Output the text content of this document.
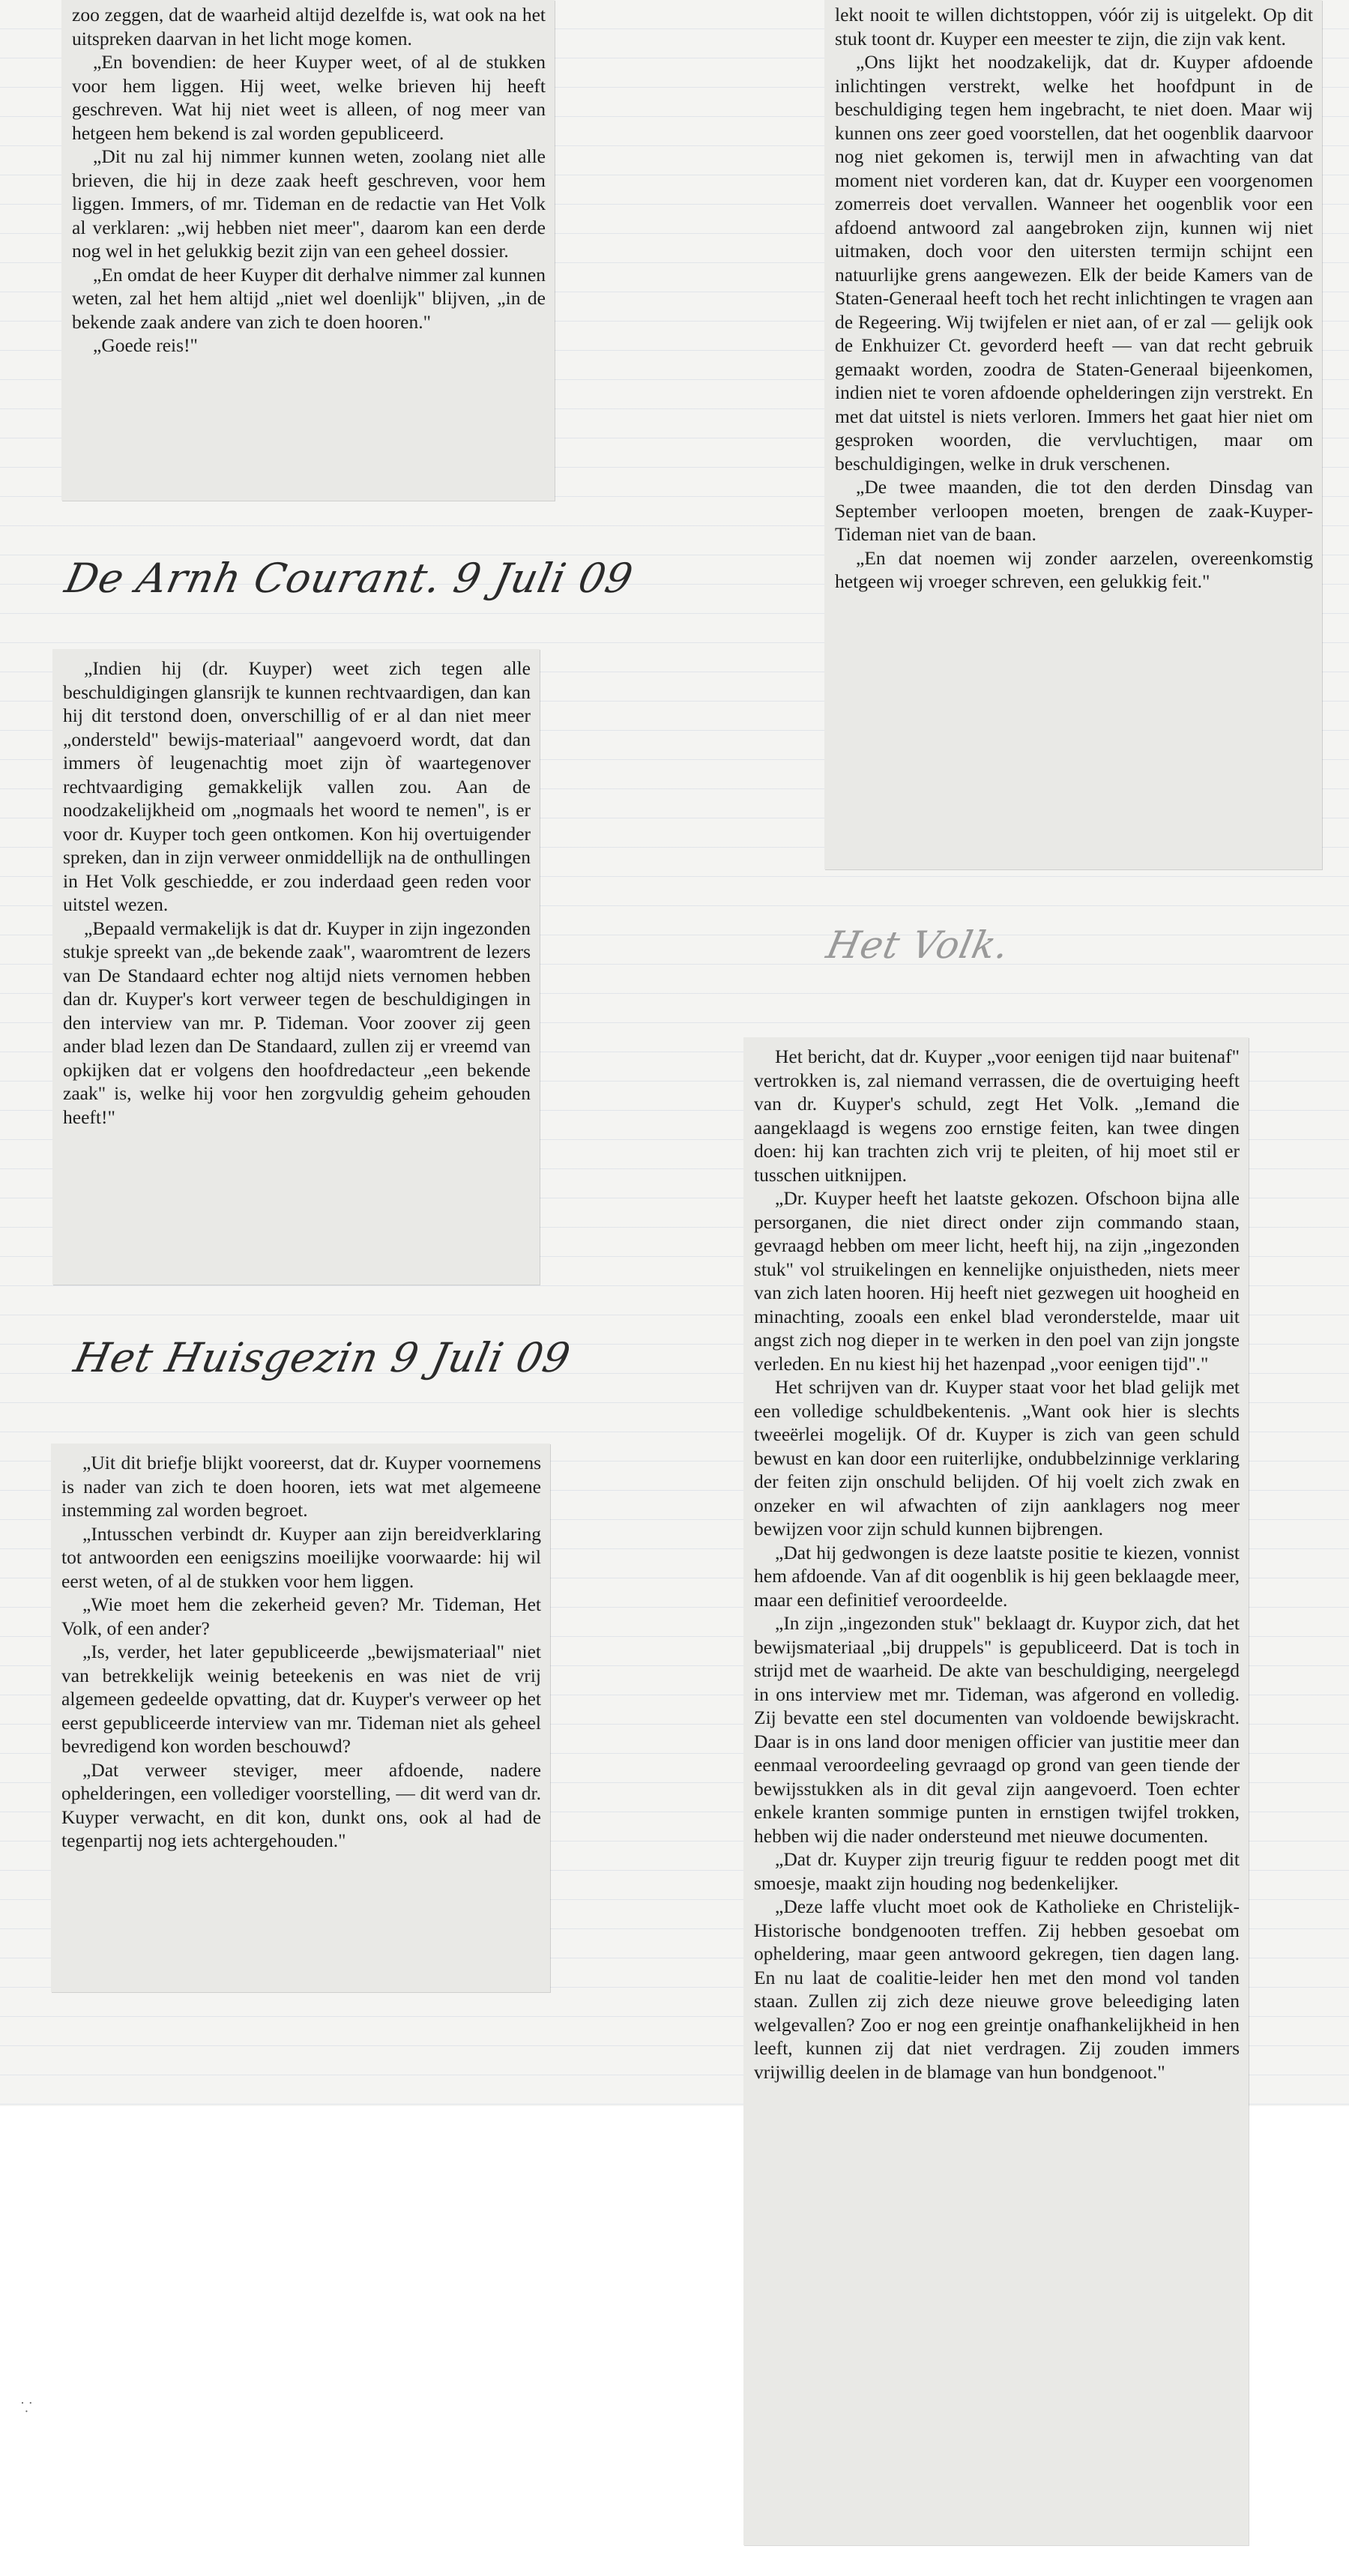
zoo zeggen, dat de waarheid altijd dezelfde is, wat ook na het uitspreken daarvan in het licht moge komen.

„En bovendien: de heer Kuyper weet, of al de stukken voor hem liggen. Hij weet, welke brieven hij heeft geschreven. Wat hij niet weet is alleen, of nog meer van hetgeen hem bekend is zal worden gepubliceerd.

„Dit nu zal hij nimmer kunnen weten, zoolang niet alle brieven, die hij in deze zaak heeft geschreven, voor hem liggen. Immers, of mr. Tideman en de redactie van Het Volk al verklaren: „wij hebben niet meer", daarom kan een derde nog wel in het gelukkig bezit zijn van een geheel dossier.

„En omdat de heer Kuyper dit derhalve nimmer zal kunnen weten, zal het hem altijd „niet wel doenlijk" blijven, „in de bekende zaak andere van zich te doen hooren."

„Goede reis!"

De Arnh Courant. 9 Juli 09

„Indien hij (dr. Kuyper) weet zich tegen alle beschuldigingen glansrijk te kunnen rechtvaardigen, dan kan hij dit terstond doen, onverschillig of er al dan niet meer „ondersteld" bewijs-materiaal" aangevoerd wordt, dat dan immers òf leugenachtig moet zijn òf waartegenover rechtvaardiging gemakkelijk vallen zou. Aan de noodzakelijkheid om „nogmaals het woord te nemen", is er voor dr. Kuyper toch geen ontkomen. Kon hij overtuigender spreken, dan in zijn verweer onmiddellijk na de onthullingen in Het Volk geschiedde, er zou inderdaad geen reden voor uitstel wezen.

„Bepaald vermakelijk is dat dr. Kuyper in zijn ingezonden stukje spreekt van „de bekende zaak", waaromtrent de lezers van De Standaard echter nog altijd niets vernomen hebben dan dr. Kuyper's kort verweer tegen de beschuldigingen in den interview van mr. P. Tideman. Voor zoover zij geen ander blad lezen dan De Standaard, zullen zij er vreemd van opkijken dat er volgens den hoofdredacteur „een bekende zaak" is, welke hij voor hen zorgvuldig geheim gehouden heeft!"

Het Huisgezin 9 Juli 09

„Uit dit briefje blijkt vooreerst, dat dr. Kuyper voornemens is nader van zich te doen hooren, iets wat met algemeene instemming zal worden begroet.

„Intusschen verbindt dr. Kuyper aan zijn bereidverklaring tot antwoorden een eenigszins moeilijke voorwaarde: hij wil eerst weten, of al de stukken voor hem liggen.

„Wie moet hem die zekerheid geven? Mr. Tideman, Het Volk, of een ander?

„Is, verder, het later gepubliceerde „bewijsmateriaal" niet van betrekkelijk weinig beteekenis en was niet de vrij algemeen gedeelde opvatting, dat dr. Kuyper's verweer op het eerst gepubliceerde interview van mr. Tideman niet als geheel bevredigend kon worden beschouwd?

„Dat verweer steviger, meer afdoende, nadere ophelderingen, een vollediger voorstelling, — dit werd van dr. Kuyper verwacht, en dit kon, dunkt ons, ook al had de tegenpartij nog iets achtergehouden."

lekt nooit te willen dichtstoppen, vóór zij is uitgelekt. Op dit stuk toont dr. Kuyper een meester te zijn, die zijn vak kent.

„Ons lijkt het noodzakelijk, dat dr. Kuyper afdoende inlichtingen verstrekt, welke het hoofdpunt in de beschuldiging tegen hem ingebracht, te niet doen. Maar wij kunnen ons zeer goed voorstellen, dat het oogenblik daarvoor nog niet gekomen is, terwijl men in afwachting van dat moment niet vorderen kan, dat dr. Kuyper een voorgenomen zomerreis doet vervallen. Wanneer het oogenblik voor een afdoend antwoord zal aangebroken zijn, kunnen wij niet uitmaken, doch voor den uitersten termijn schijnt een natuurlijke grens aangewezen. Elk der beide Kamers van de Staten-Generaal heeft toch het recht inlichtingen te vragen aan de Regeering. Wij twijfelen er niet aan, of er zal — gelijk ook de Enkhuizer Ct. gevorderd heeft — van dat recht gebruik gemaakt worden, zoodra de Staten-Generaal bijeenkomen, indien niet te voren afdoende ophelderingen zijn verstrekt. En met dat uitstel is niets verloren. Immers het gaat hier niet om gesproken woorden, die vervluchtigen, maar om beschuldigingen, welke in druk verschenen.

„De twee maanden, die tot den derden Dinsdag van September verloopen moeten, brengen de zaak-Kuyper-Tideman niet van de baan.

„En dat noemen wij zonder aarzelen, overeenkomstig hetgeen wij vroeger schreven, een gelukkig feit."

Het Volk.

Het bericht, dat dr. Kuyper „voor eenigen tijd naar buitenaf" vertrokken is, zal niemand verrassen, die de overtuiging heeft van dr. Kuyper's schuld, zegt Het Volk. „Iemand die aangeklaagd is wegens zoo ernstige feiten, kan twee dingen doen: hij kan trachten zich vrij te pleiten, of hij moet stil er tusschen uitknijpen.

„Dr. Kuyper heeft het laatste gekozen. Ofschoon bijna alle persorganen, die niet direct onder zijn commando staan, gevraagd hebben om meer licht, heeft hij, na zijn „ingezonden stuk" vol struikelingen en kennelijke onjuistheden, niets meer van zich laten hooren. Hij heeft niet gezwegen uit hoogheid en minachting, zooals een enkel blad veronderstelde, maar uit angst zich nog dieper in te werken in den poel van zijn jongste verleden. En nu kiest hij het hazenpad „voor eenigen tijd"."

Het schrijven van dr. Kuyper staat voor het blad gelijk met een volledige schuldbekentenis. „Want ook hier is slechts tweeërlei mogelijk. Of dr. Kuyper is zich van geen schuld bewust en kan door een ruiterlijke, ondubbelzinnige verklaring der feiten zijn onschuld belijden. Of hij voelt zich zwak en onzeker en wil afwachten of zijn aanklagers nog meer bewijzen voor zijn schuld kunnen bijbrengen.

„Dat hij gedwongen is deze laatste positie te kiezen, vonnist hem afdoende. Van af dit oogenblik is hij geen beklaagde meer, maar een definitief veroordeelde.

„In zijn „ingezonden stuk" beklaagt dr. Kuypor zich, dat het bewijsmateriaal „bij druppels" is gepubliceerd. Dat is toch in strijd met de waarheid. De akte van beschuldiging, neergelegd in ons interview met mr. Tideman, was afgerond en volledig. Zij bevatte een stel documenten van voldoende bewijskracht. Daar is in ons land door menigen officier van justitie meer dan eenmaal veroordeeling gevraagd op grond van geen tiende der bewijsstukken als in dit geval zijn aangevoerd. Toen echter enkele kranten sommige punten in ernstigen twijfel trokken, hebben wij die nader ondersteund met nieuwe documenten.

„Dat dr. Kuyper zijn treurig figuur te redden poogt met dit smoesje, maakt zijn houding nog bedenkelijker.

„Deze laffe vlucht moet ook de Katholieke en Christelijk-Historische bondgenooten treffen. Zij hebben gesoebat om opheldering, maar geen antwoord gekregen, tien dagen lang. En nu laat de coalitie-leider hen met den mond vol tanden staan. Zullen zij zich deze nieuwe grove beleediging laten welgevallen? Zoo er nog een greintje onafhankelijkheid in hen leeft, kunnen zij dat niet verdragen. Zij zouden immers vrijwillig deelen in de blamage van hun bondgenoot."

⸪
